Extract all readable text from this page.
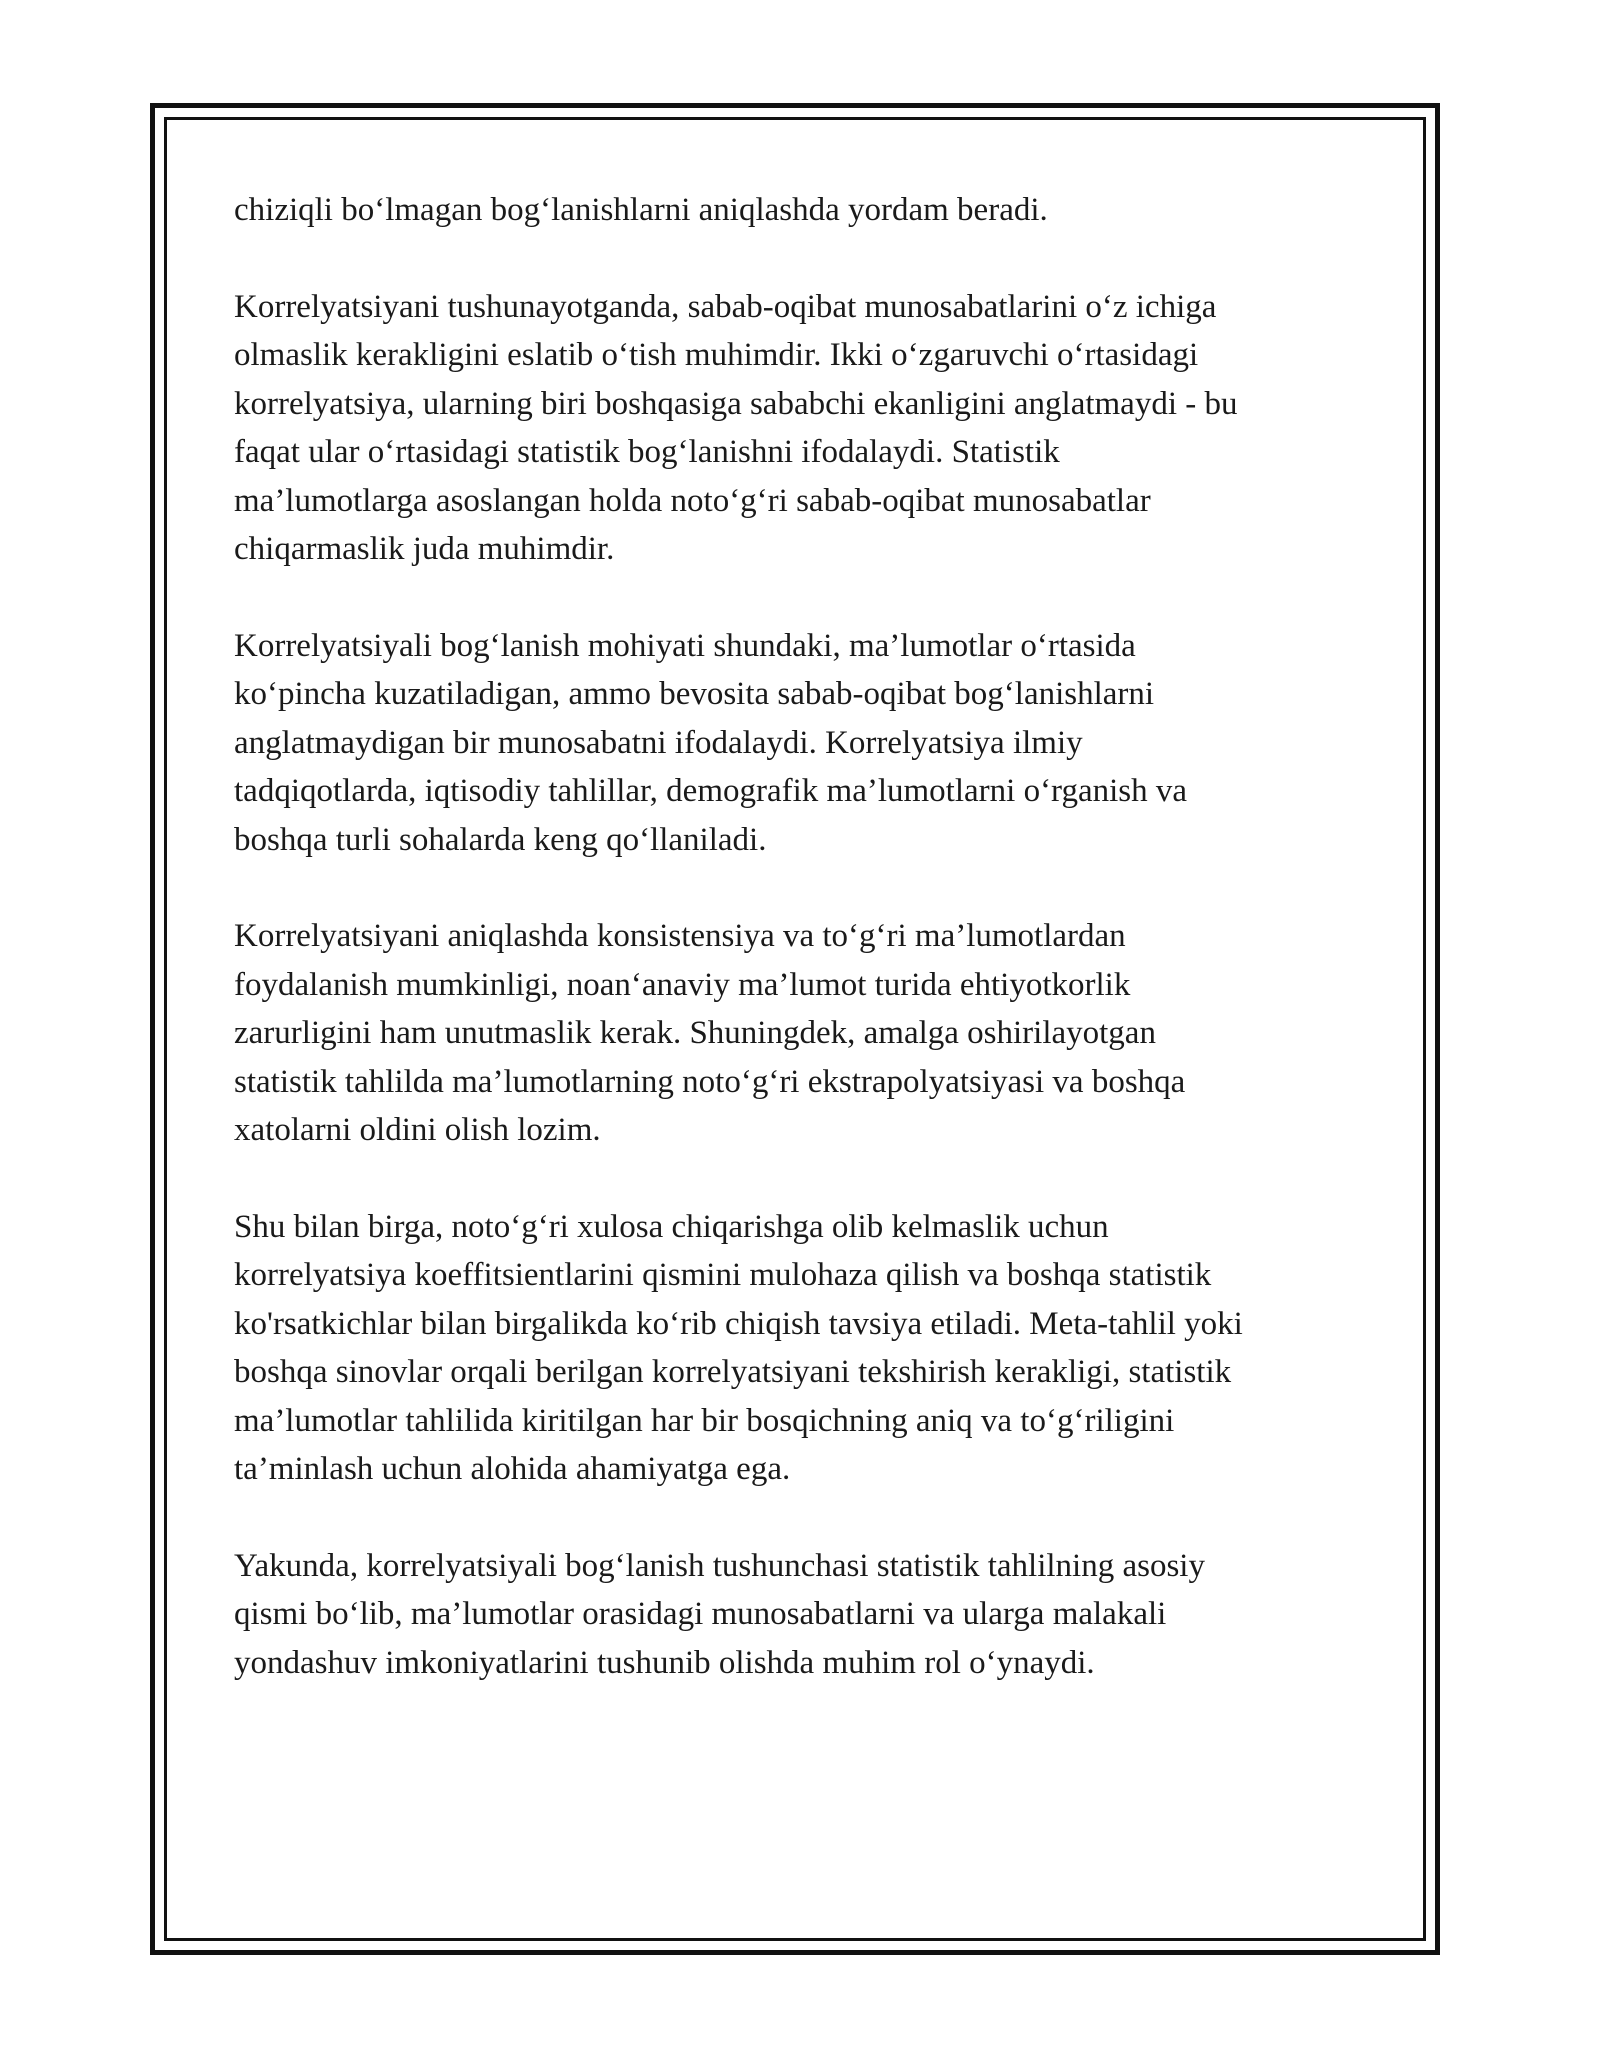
chiziqli bo‘lmagan bog‘lanishlarni aniqlashda yordam beradi.

Korrelyatsiyani tushunayotganda, sabab-oqibat munosabatlarini o‘z ichiga
olmaslik kerakligini eslatib o‘tish muhimdir. Ikki o‘zgaruvchi o‘rtasidagi
korrelyatsiya, ularning biri boshqasiga sababchi ekanligini anglatmaydi - bu
faqat ular o‘rtasidagi statistik bog‘lanishni ifodalaydi. Statistik
ma’lumotlarga asoslangan holda noto‘g‘ri sabab-oqibat munosabatlar
chiqarmaslik juda muhimdir.

Korrelyatsiyali bog‘lanish mohiyati shundaki, ma’lumotlar o‘rtasida
ko‘pincha kuzatiladigan, ammo bevosita sabab-oqibat bog‘lanishlarni
anglatmaydigan bir munosabatni ifodalaydi. Korrelyatsiya ilmiy
tadqiqotlarda, iqtisodiy tahlillar, demografik ma’lumotlarni o‘rganish va
boshqa turli sohalarda keng qo‘llaniladi.

Korrelyatsiyani aniqlashda konsistensiya va to‘g‘ri ma’lumotlardan
foydalanish mumkinligi, noan‘anaviy ma’lumot turida ehtiyotkorlik
zarurligini ham unutmaslik kerak. Shuningdek, amalga oshirilayotgan
statistik tahlilda ma’lumotlarning noto‘g‘ri ekstrapolyatsiyasi va boshqa
xatolarni oldini olish lozim.

Shu bilan birga, noto‘g‘ri xulosa chiqarishga olib kelmaslik uchun
korrelyatsiya koeffitsientlarini qismini mulohaza qilish va boshqa statistik
ko'rsatkichlar bilan birgalikda ko‘rib chiqish tavsiya etiladi. Meta-tahlil yoki
boshqa sinovlar orqali berilgan korrelyatsiyani tekshirish kerakligi, statistik
ma’lumotlar tahlilida kiritilgan har bir bosqichning aniq va to‘g‘riligini
ta’minlash uchun alohida ahamiyatga ega.

Yakunda, korrelyatsiyali bog‘lanish tushunchasi statistik tahlilning asosiy
qismi bo‘lib, ma’lumotlar orasidagi munosabatlarni va ularga malakali
yondashuv imkoniyatlarini tushunib olishda muhim rol o‘ynaydi.
